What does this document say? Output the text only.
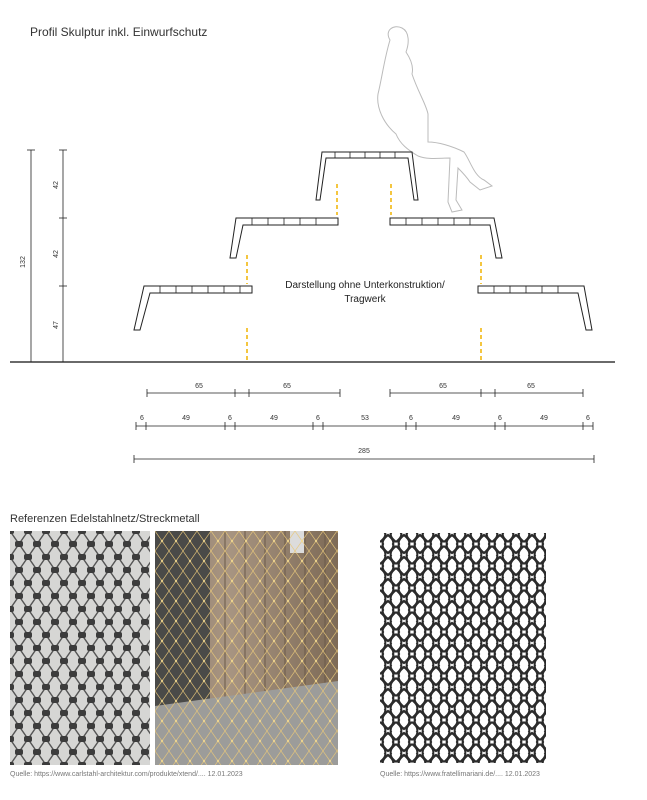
Profil Skulptur inkl. Einwurfschutz
132
42
42
47
65	65	65	65
6	49	6	49	6	53	6	49	6	49	6
285
Darstellung ohne Unterkonstruktion/
Tragwerk
Referenzen Edelstahlnetz/Streckmetall
Quelle: https://www.carlstahl-architektur.com/produkte/xtend/.... 12.01.2023	Quelle: https://www.fratellimariani.de/.... 12.01.2023
